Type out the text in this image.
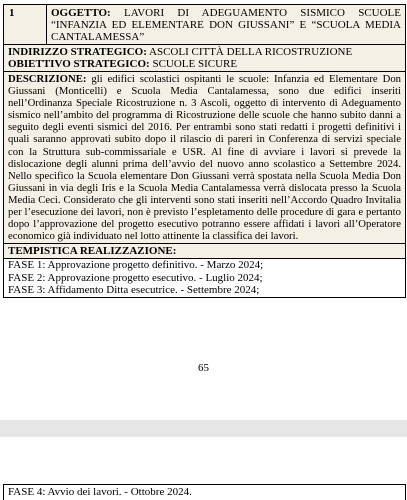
1	OGGETTO: LAVORI DI ADEGUAMENTO SISMICO SCUOLE “INFANZIA ED ELEMENTARE DON GIUSSANI” E “SCUOLA MEDIA CANTALAMESSA”
INDIRIZZO STRATEGICO: ASCOLI CITTÀ DELLA RICOSTRUZIONE
OBIETTIVO STRATEGICO: SCUOLE SICURE
DESCRIZIONE: gli edifici scolastici ospitanti le scuole: Infanzia ed Elementare Don Giussani (Monticelli) e Scuola Media Cantalamessa, sono due edifici inseriti nell’Ordinanza Speciale Ricostruzione n. 3 Ascoli, oggetto di intervento di Adeguamento sismico nell’ambito del programma di Ricostruzione delle scuole che hanno subito danni a seguito degli eventi sismici del 2016. Per entrambi sono stati redatti i progetti definitivi i quali saranno approvati subito dopo il rilascio di pareri in Conferenza di servizi speciale con la Struttura sub-commissariale e USR. Al fine di avviare i lavori si prevede la dislocazione degli alunni prima dell’avvio del nuovo anno scolastico a Settembre 2024. Nello specifico la Scuola elementare Don Giussani verrà spostata nella Scuola Media Don Giussani in via degli Iris e la Scuola Media Cantalamessa verrà dislocata presso la Scuola Media Ceci. Considerato che gli interventi sono stati inseriti nell’Accordo Quadro Invitalia per l’esecuzione dei lavori, non è previsto l’espletamento delle procedure di gara e pertanto dopo l’approvazione del progetto esecutivo potranno essere affidati i lavori all’Operatore economico già individuato nel lotto attinente la classifica dei lavori.
TEMPISTICA REALIZZAZIONE:
FASE 1: Approvazione progetto definitivo. - Marzo 2024;
FASE 2: Approvazione progetto esecutivo. - Luglio 2024;
FASE 3: Affidamento Ditta esecutrice. - Settembre 2024;
65
FASE 4: Avvio dei lavori. - Ottobre 2024.
